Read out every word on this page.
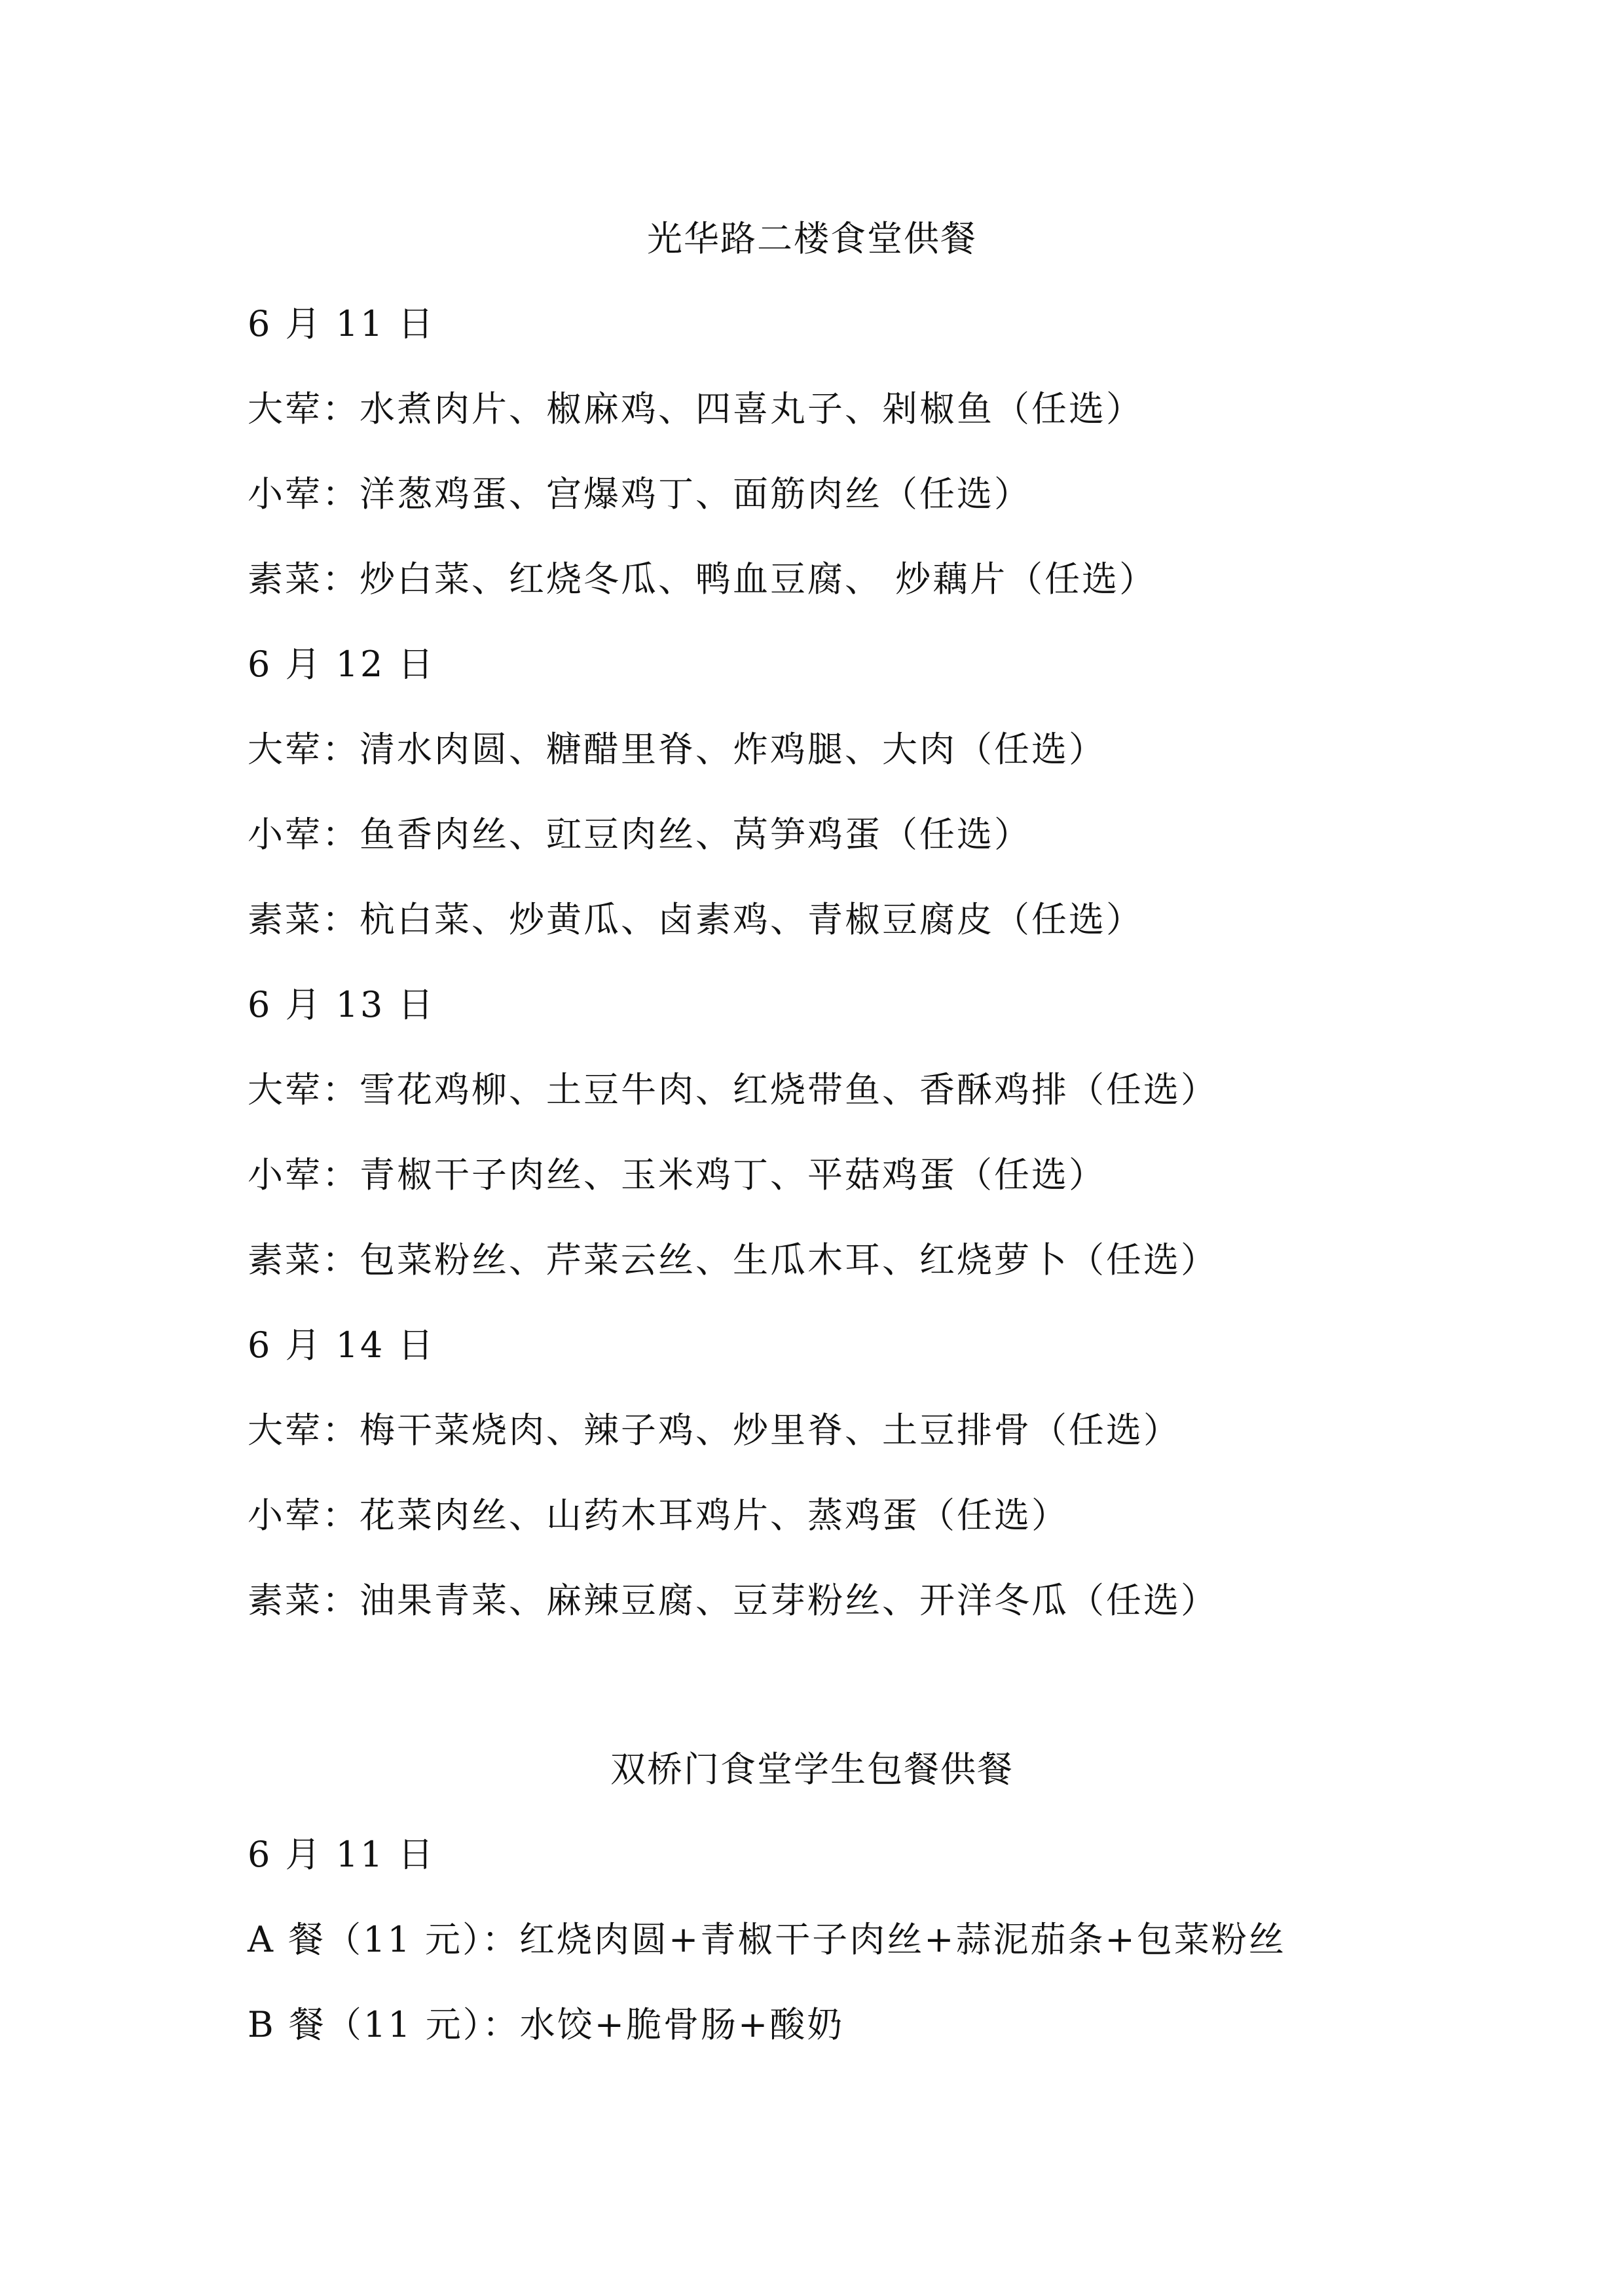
光华路二楼食堂供餐
6 月 11 日
大荤：水煮肉片、椒麻鸡、四喜丸子、剁椒鱼（任选）
小荤：洋葱鸡蛋、宫爆鸡丁、面筋肉丝（任选）
素菜：炒白菜、红烧冬瓜、鸭血豆腐、 炒藕片（任选）
6 月 12 日
大荤：清水肉圆、糖醋里脊、炸鸡腿、大肉（任选）
小荤：鱼香肉丝、豇豆肉丝、莴笋鸡蛋（任选）
素菜：杭白菜、炒黄瓜、卤素鸡、青椒豆腐皮（任选）
6 月 13 日
大荤：雪花鸡柳、土豆牛肉、红烧带鱼、香酥鸡排（任选）
小荤：青椒干子肉丝、玉米鸡丁、平菇鸡蛋（任选）
素菜：包菜粉丝、芹菜云丝、生瓜木耳、红烧萝卜（任选）
6 月 14 日
大荤：梅干菜烧肉、辣子鸡、炒里脊、土豆排骨（任选）
小荤：花菜肉丝、山药木耳鸡片、蒸鸡蛋（任选）
素菜：油果青菜、麻辣豆腐、豆芽粉丝、开洋冬瓜（任选）
双桥门食堂学生包餐供餐
6 月 11 日
A 餐（11 元）：红烧肉圆+青椒干子肉丝+蒜泥茄条+包菜粉丝
B 餐（11 元）：水饺+脆骨肠+酸奶
